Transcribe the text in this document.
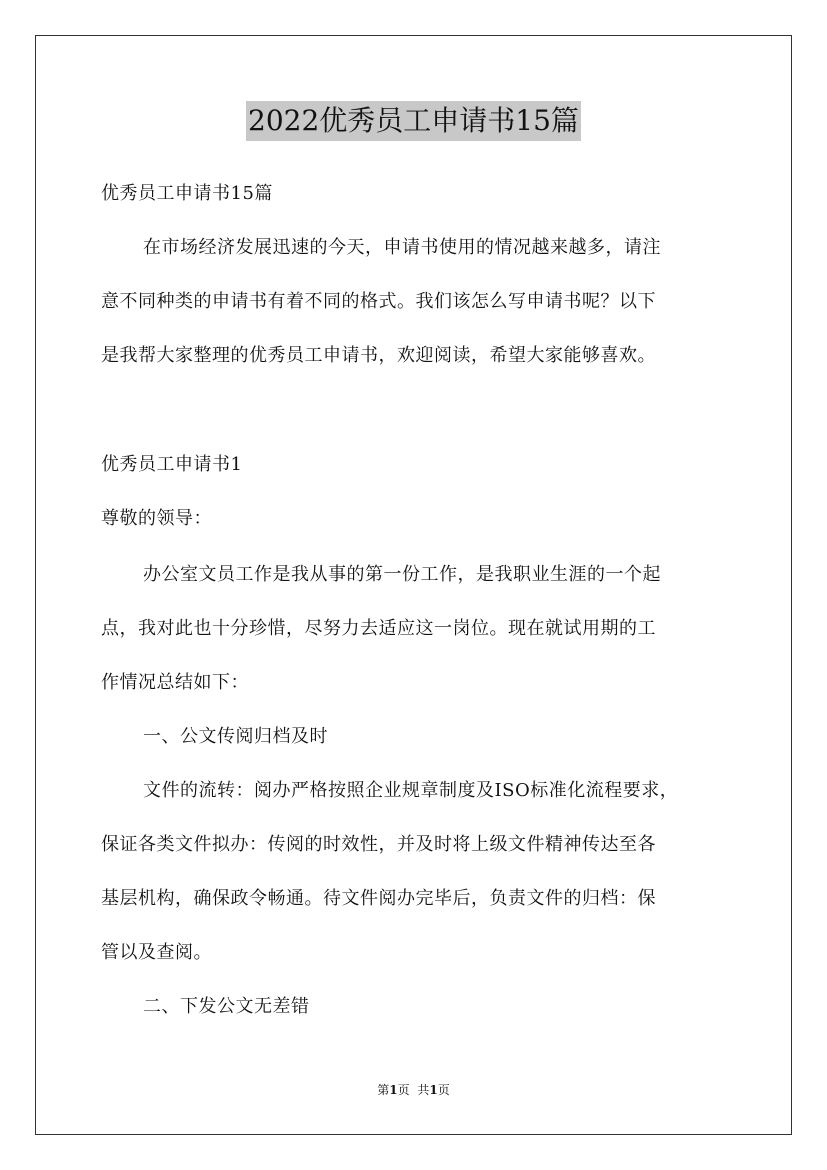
2022优秀员工申请书15篇
优秀员工申请书15篇
在市场经济发展迅速的今天，申请书使用的情况越来越多，请注
意不同种类的申请书有着不同的格式。我们该怎么写申请书呢？以下
是我帮大家整理的优秀员工申请书，欢迎阅读，希望大家能够喜欢。
优秀员工申请书1
尊敬的领导：
办公室文员工作是我从事的第一份工作，是我职业生涯的一个起
点，我对此也十分珍惜，尽努力去适应这一岗位。现在就试用期的工
作情况总结如下：
一、公文传阅归档及时
文件的流转：阅办严格按照企业规章制度及ISO标准化流程要求，
保证各类文件拟办：传阅的时效性，并及时将上级文件精神传达至各
基层机构，确保政令畅通。待文件阅办完毕后，负责文件的归档：保
管以及查阅。
二、下发公文无差错
第1页 共1页
